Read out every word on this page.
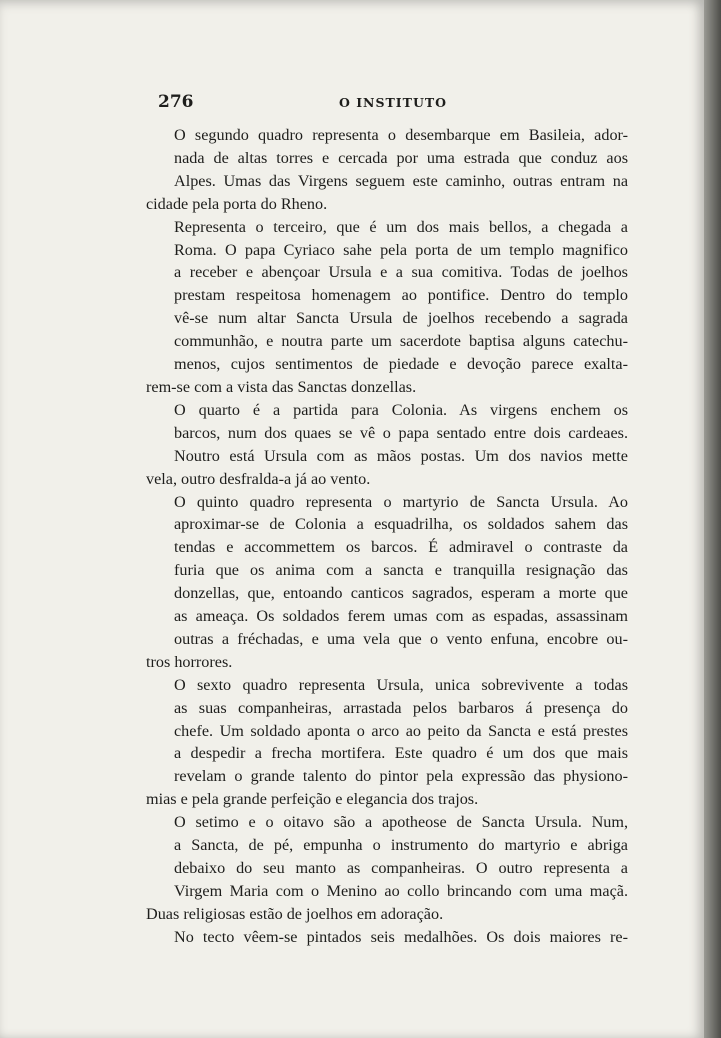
276	O INSTITUTO

O segundo quadro representa o desembarque em Basileia, ador-
nada de altas torres e cercada por uma estrada que conduz aos
Alpes. Umas das Virgens seguem este caminho, outras entram na

cidade pela porta do Rheno.

Representa o terceiro, que é um dos mais bellos, a chegada a
Roma. O papa Cyriaco sahe pela porta de um templo magnifico
a receber e abençoar Ursula e a sua comitiva. Todas de joelhos
prestam respeitosa homenagem ao pontifice. Dentro do templo
vê-se num altar Sancta Ursula de joelhos recebendo a sagrada
communhão, e noutra parte um sacerdote baptisa alguns catechu-
menos, cujos sentimentos de piedade e devoção parece exalta-

rem-se com a vista das Sanctas donzellas.

O quarto é a partida para Colonia. As virgens enchem os
barcos, num dos quaes se vê o papa sentado entre dois cardeaes.
Noutro está Ursula com as mãos postas. Um dos navios mette

vela, outro desfralda-a já ao vento.

O quinto quadro representa o martyrio de Sancta Ursula. Ao
aproximar-se de Colonia a esquadrilha, os soldados sahem das
tendas e accommettem os barcos. É admiravel o contraste da
furia que os anima com a sancta e tranquilla resignação das
donzellas, que, entoando canticos sagrados, esperam a morte que
as ameaça. Os soldados ferem umas com as espadas, assassinam
outras a fréchadas, e uma vela que o vento enfuna, encobre ou-

tros horrores.

O sexto quadro representa Ursula, unica sobrevivente a todas
as suas companheiras, arrastada pelos barbaros á presença do
chefe. Um soldado aponta o arco ao peito da Sancta e está prestes
a despedir a frecha mortifera. Este quadro é um dos que mais
revelam o grande talento do pintor pela expressão das physiono-

mias e pela grande perfeição e elegancia dos trajos.

O setimo e o oitavo são a apotheose de Sancta Ursula. Num,
a Sancta, de pé, empunha o instrumento do martyrio e abriga
debaixo do seu manto as companheiras. O outro representa a
Virgem Maria com o Menino ao collo brincando com uma maçã.

Duas religiosas estão de joelhos em adoração.

No tecto vêem-se pintados seis medalhões. Os dois maiores re-
